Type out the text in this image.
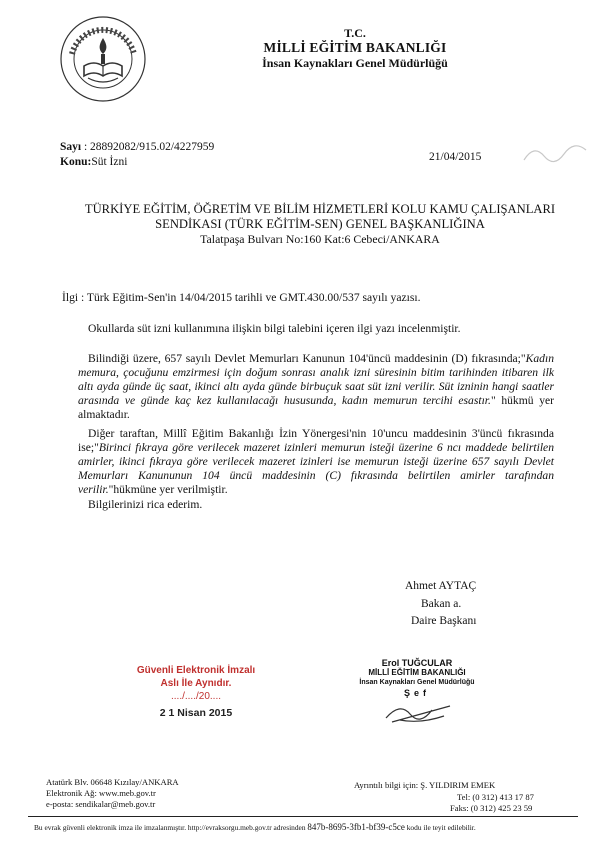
T.C.
MİLLİ EĞİTİM BAKANLIĞI
İnsan Kaynakları Genel Müdürlüğü
Sayı : 28892082/915.02/4227959
Konu:Süt İzni	21/04/2015
TÜRKİYE EĞİTİM, ÖĞRETİM VE BİLİM HİZMETLERİ KOLU KAMU ÇALIŞANLARI
SENDİKASI (TÜRK EĞİTİM-SEN) GENEL BAŞKANLIĞINA
Talatpaşa Bulvarı No:160 Kat:6 Cebeci/ANKARA
İlgi : Türk Eğitim-Sen'in 14/04/2015 tarihli ve GMT.430.00/537 sayılı yazısı.
Okullarda süt izni kullanımına ilişkin bilgi talebini içeren ilgi yazı incelenmiştir.
Bilindiği üzere, 657 sayılı Devlet Memurları Kanunun 104'üncü maddesinin (D) fıkrasında;"Kadın memura, çocuğunu emzirmesi için doğum sonrası analık izni süresinin bitim tarihinden itibaren ilk altı ayda günde üç saat, ikinci altı ayda günde birbuçuk saat süt izni verilir. Süt izninin hangi saatler arasında ve günde kaç kez kullanılacağı hususunda, kadın memurun tercihi esastır." hükmü yer almaktadır.
Diğer taraftan, Millî Eğitim Bakanlığı İzin Yönergesi'nin 10'uncu maddesinin 3'üncü fıkrasında ise;"Birinci fıkraya göre verilecek mazeret izinleri memurun isteği üzerine 6 ncı maddede belirtilen amirler, ikinci fıkraya göre verilecek mazeret izinleri ise memurun isteği üzerine 657 sayılı Devlet Memurları Kanununun 104 üncü maddesinin (C) fıkrasında belirtilen amirler tarafından verilir."hükmüne yer verilmiştir.
Bilgilerinizi rica ederim.
Ahmet AYTAÇ
Bakan a.
Daire Başkanı
Güvenli Elektronik İmzalı
Aslı İle Aynıdır.
..../..../20....
2 1 Nisan 2015
Erol TUĞCULAR
MİLLİ EĞİTİM BAKANLIĞI
İnsan Kaynakları Genel Müdürlüğü
Şef
Atatürk Blv. 06648 Kızılay/ANKARA
Elektronik Ağ: www.meb.gov.tr
e-posta: sendikalar@meb.gov.tr
Ayrıntılı bilgi için: Ş. YILDIRIM EMEK
Tel: (0 312) 413 17 87
Faks: (0 312) 425 23 59
Bu evrak güvenli elektronik imza ile imzalanmıştır. http://evraksorgu.meb.gov.tr adresinden 847b-8695-3fb1-bf39-c5ce kodu ile teyit edilebilir.
